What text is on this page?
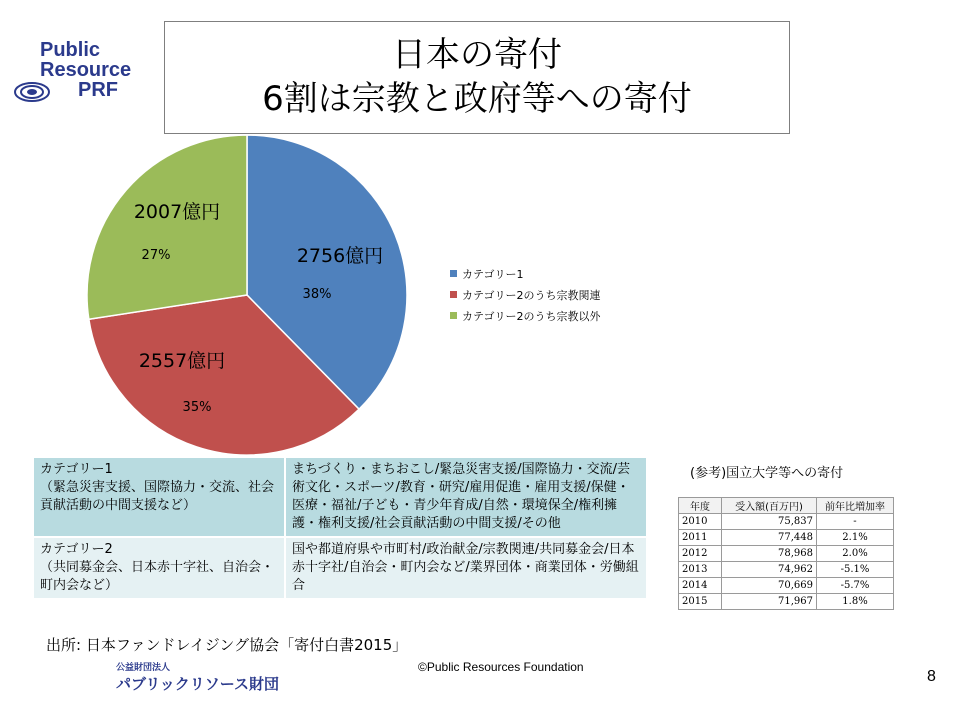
Public
Resource
PRF
日本の寄付
6割は宗教と政府等への寄付
2756億円
38%
2557億円
35%
2007億円
27%
カテゴリー1
カテゴリー2のうち宗教関連
カテゴリー2のうち宗教以外
カテゴリー1
（緊急災害支援、国際協力・交流、社会貢献活動の中間支援など）	まちづくり・まちおこし/緊急災害支援/国際協力・交流/芸術文化・スポーツ/教育・研究/雇用促進・雇用支援/保健・医療・福祉/子ども・青少年育成/自然・環境保全/権利擁護・権利支援/社会貢献活動の中間支援/その他

カテゴリー2
（共同募金会、日本赤十字社、自治会・町内会など）	国や都道府県や市町村/政治献金/宗教関連/共同募金会/日本赤十字社/自治会・町内会など/業界団体・商業団体・労働組合
(参考)国立大学等への寄付
年度	受入額(百万円)	前年比増加率
2010	75,837	-
2011	77,448	2.1%
2012	78,968	2.0%
2013	74,962	-5.1%
2014	70,669	-5.7%
2015	71,967	1.8%
出所: 日本ファンドレイジング協会「寄付白書2015」
公益財団法人
パブリックリソース財団
©Public Resources Foundation
8
